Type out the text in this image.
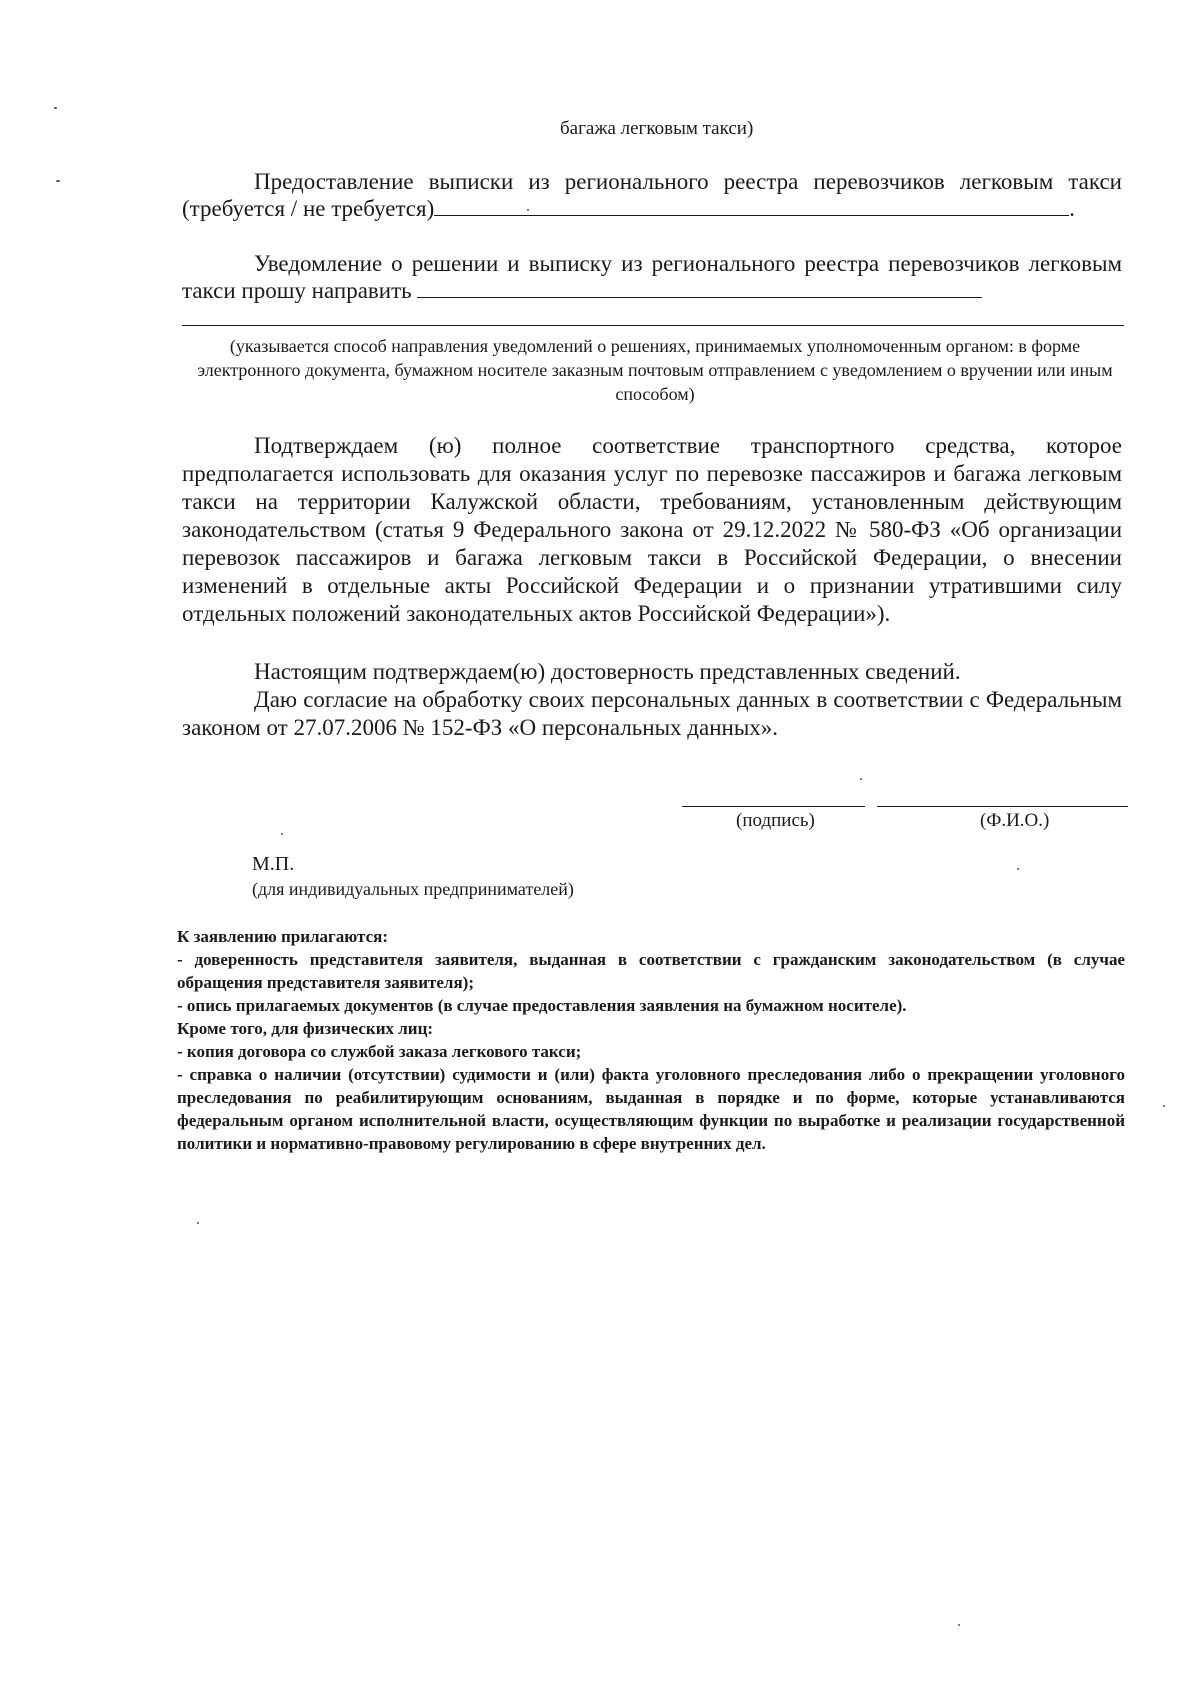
багажа легковым такси)
Предоставление выписки из регионального реестра перевозчиков легковым такси (требуется / не требуется)	.
Уведомление о решении и выписку из регионального реестра перевозчиков легковым такси прошу направить
(указывается способ направления уведомлений о решениях, принимаемых уполномоченным органом: в форме электронного документа, бумажном носителе заказным почтовым отправлением с уведомлением о вручении или иным способом)
Подтверждаем (ю) полное соответствие транспортного средства, которое предполагается использовать для оказания услуг по перевозке пассажиров и багажа легковым такси на территории Калужской области, требованиям, установленным действующим законодательством (статья 9 Федерального закона от 29.12.2022 № 580-ФЗ «Об организации перевозок пассажиров и багажа легковым такси в Российской Федерации, о внесении изменений в отдельные акты Российской Федерации и о признании утратившими силу отдельных положений законодательных актов Российской Федерации»).
Настоящим подтверждаем(ю) достоверность представленных сведений.
Даю согласие на обработку своих персональных данных в соответствии с Федеральным законом от 27.07.2006 № 152-ФЗ «О персональных данных».
(подпись)	(Ф.И.О.)
М.П.
(для индивидуальных предпринимателей)
К заявлению прилагаются:
- доверенность представителя заявителя, выданная в соответствии с гражданским законодательством (в случае обращения представителя заявителя);
- опись прилагаемых документов (в случае предоставления заявления на бумажном носителе).
Кроме того, для физических лиц:
- копия договора со службой заказа легкового такси;
- справка о наличии (отсутствии) судимости и (или) факта уголовного преследования либо о прекращении уголовного преследования по реабилитирующим основаниям, выданная в порядке и по форме, которые устанавливаются федеральным органом исполнительной власти, осуществляющим функции по выработке и реализации государственной политики и нормативно-правовому регулированию в сфере внутренних дел.
